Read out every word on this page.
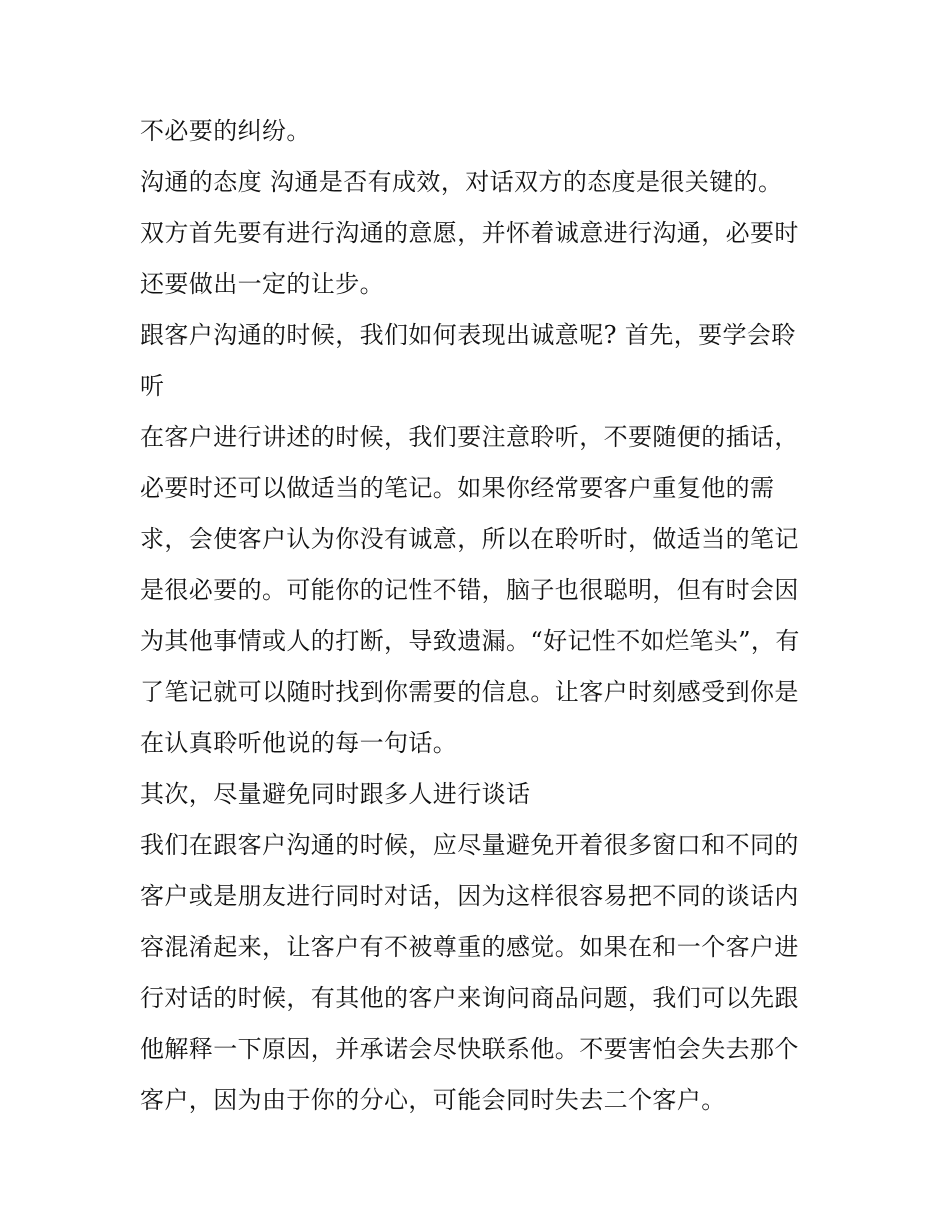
不必要的纠纷。
沟通的态度 沟通是否有成效，对话双方的态度是很关键的。
双方首先要有进行沟通的意愿，并怀着诚意进行沟通，必要时
还要做出一定的让步。
跟客户沟通的时候，我们如何表现出诚意呢? 首先，要学会聆
听
在客户进行讲述的时候，我们要注意聆听，不要随便的插话，
必要时还可以做适当的笔记。如果你经常要客户重复他的需
求，会使客户认为你没有诚意，所以在聆听时，做适当的笔记
是很必要的。可能你的记性不错，脑子也很聪明，但有时会因
为其他事情或人的打断，导致遗漏。“好记性不如烂笔头”，有
了笔记就可以随时找到你需要的信息。让客户时刻感受到你是
在认真聆听他说的每一句话。
其次，尽量避免同时跟多人进行谈话
我们在跟客户沟通的时候，应尽量避免开着很多窗口和不同的
客户或是朋友进行同时对话，因为这样很容易把不同的谈话内
容混淆起来，让客户有不被尊重的感觉。如果在和一个客户进
行对话的时候，有其他的客户来询问商品问题，我们可以先跟
他解释一下原因，并承诺会尽快联系他。不要害怕会失去那个
客户，因为由于你的分心，可能会同时失去二个客户。
